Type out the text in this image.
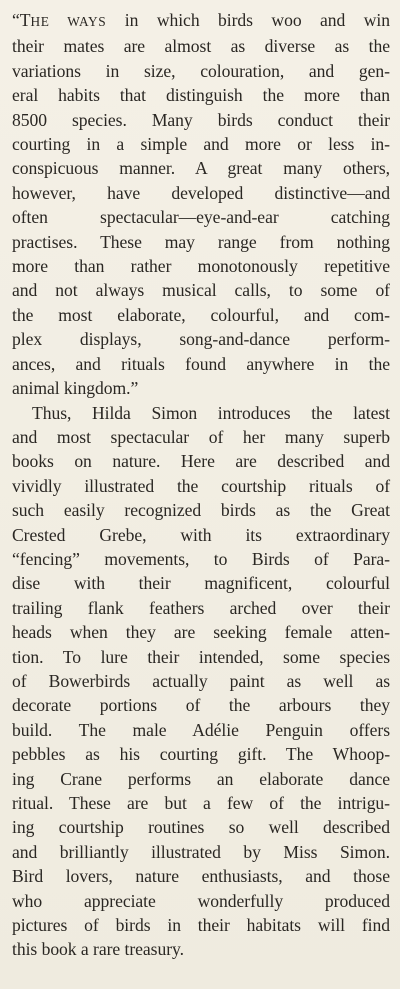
“THE WAYS in which birds woo and win
their mates are almost as diverse as the
variations in size, colouration, and gen-
eral habits that distinguish the more than
8500 species. Many birds conduct their
courting in a simple and more or less in-
conspicuous manner. A great many others,
however, have developed distinctive—and
often spectacular—eye-and-ear catching
practises. These may range from nothing
more than rather monotonously repetitive
and not always musical calls, to some of
the most elaborate, colourful, and com-
plex displays, song-and-dance perform-
ances, and rituals found anywhere in the
animal kingdom.”
Thus, Hilda Simon introduces the latest
and most spectacular of her many superb
books on nature. Here are described and
vividly illustrated the courtship rituals of
such easily recognized birds as the Great
Crested Grebe, with its extraordinary
“fencing” movements, to Birds of Para-
dise with their magnificent, colourful
trailing flank feathers arched over their
heads when they are seeking female atten-
tion. To lure their intended, some species
of Bowerbirds actually paint as well as
decorate portions of the arbours they
build. The male Adélie Penguin offers
pebbles as his courting gift. The Whoop-
ing Crane performs an elaborate dance
ritual. These are but a few of the intrigu-
ing courtship routines so well described
and brilliantly illustrated by Miss Simon.
Bird lovers, nature enthusiasts, and those
who appreciate wonderfully produced
pictures of birds in their habitats will find
this book a rare treasury.
